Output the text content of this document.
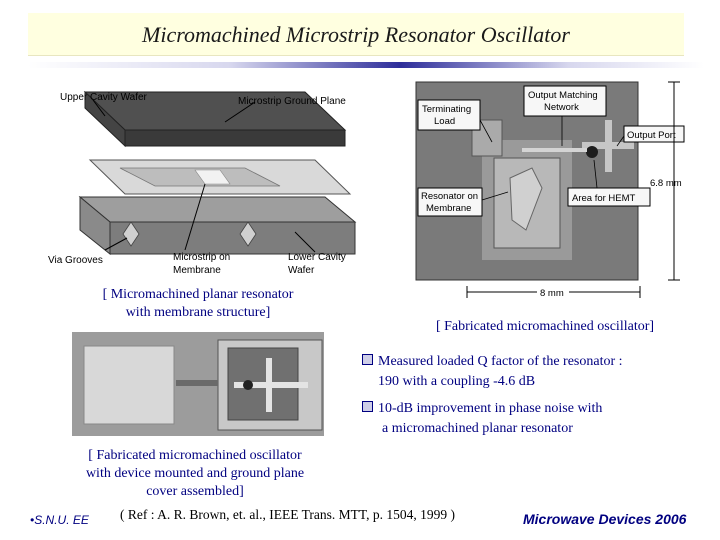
Micromachined Microstrip Resonator Oscillator
Upper Cavity Wafer	Microstrip Ground Plane
Via Grooves	Microstrip on
Membrane
Lower Cavity
Wafer
[ Micromachined planar resonator
with membrane structure]
Terminating
Load
Output Matching
Network
Output Port
Resonator on
Membrane
Area for HEMT
6.8 mm
8 mm
[ Fabricated micromachined oscillator]
[ Fabricated micromachined oscillator
with device mounted and ground plane
cover assembled]
Measured loaded Q factor of the resonator :
190 with a coupling -4.6 dB
10-dB improvement in phase noise with
a micromachined planar resonator
•S.N.U. EE ( Ref : A. R. Brown, et. al., IEEE Trans. MTT, p. 1504, 1999 )	Microwave Devices 2006
